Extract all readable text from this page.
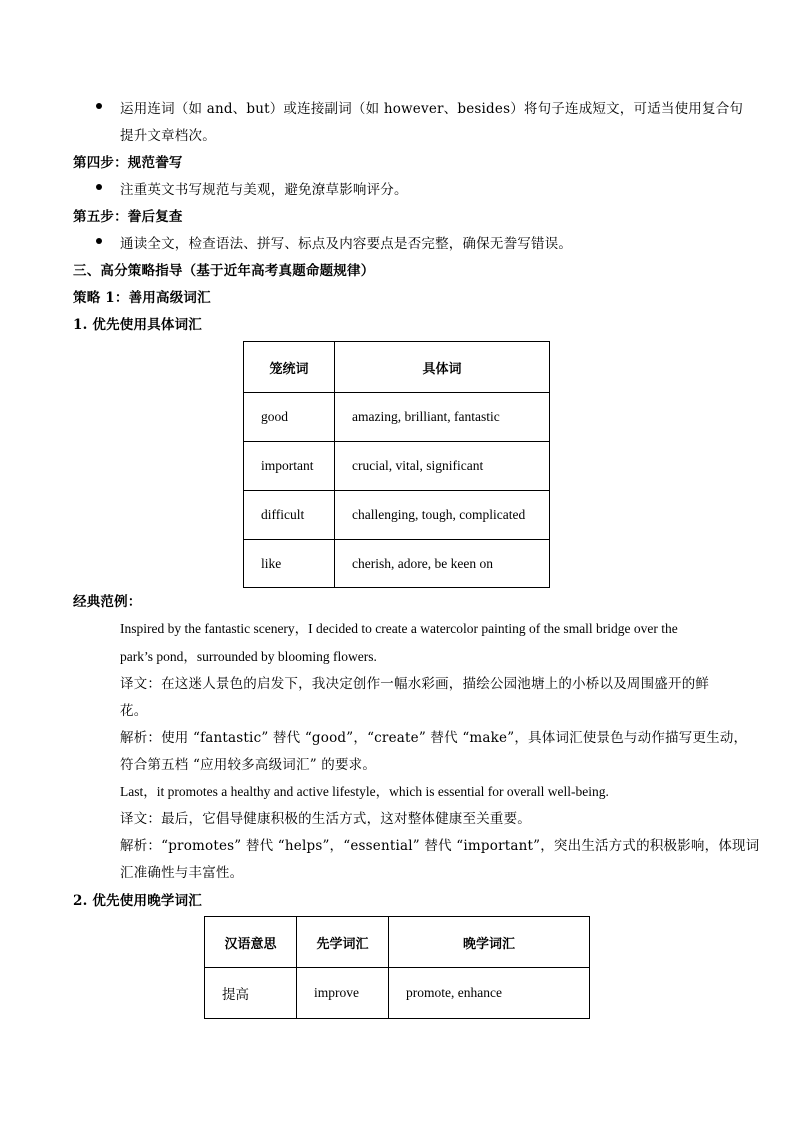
运用连词（如 and、but）或连接副词（如 however、besides）将句子连成短文，可适当使用复合句
提升文章档次。
第四步：规范誊写
注重英文书写规范与美观，避免潦草影响评分。
第五步：誊后复查
通读全文，检查语法、拼写、标点及内容要点是否完整，确保无誊写错误。
三、高分策略指导（基于近年高考真题命题规律）
策略 1：善用高级词汇
1. 优先使用具体词汇
笼统词	具体词
good	amazing, brilliant, fantastic
important	crucial, vital, significant
difficult	challenging, tough, complicated
like	cherish, adore, be keen on
经典范例：
Inspired by the fantastic scenery，I decided to create a watercolor painting of the small bridge over the
park’s pond，surrounded by blooming flowers.
译文：在这迷人景色的启发下，我决定创作一幅水彩画，描绘公园池塘上的小桥以及周围盛开的鲜
花。
解析：使用 “fantastic” 替代 “good”，“create” 替代 “make”，具体词汇使景色与动作描写更生动，
符合第五档 “应用较多高级词汇” 的要求。
Last，it promotes a healthy and active lifestyle，which is essential for overall well-being.
译文：最后，它倡导健康积极的生活方式，这对整体健康至关重要。
解析：“promotes” 替代 “helps”，“essential” 替代 “important”，突出生活方式的积极影响，体现词
汇准确性与丰富性。
2. 优先使用晚学词汇
汉语意思	先学词汇	晚学词汇
提高	improve	promote, enhance
